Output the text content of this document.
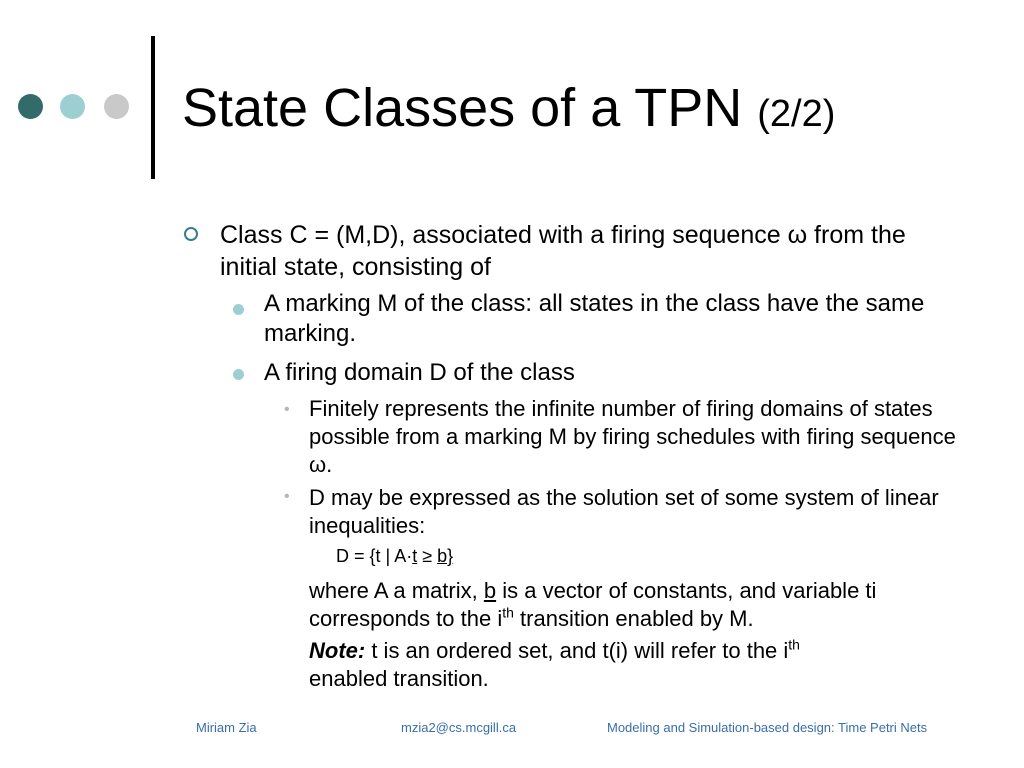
State Classes of a TPN (2/2)
Class C = (M,D), associated with a firing sequence ω from the initial state, consisting of
A marking M of the class: all states in the class have the same marking.
A firing domain D of the class
• Finitely represents the infinite number of firing domains of states possible from a marking M by firing schedules with firing sequence ω.
• D may be expressed as the solution set of some system of linear inequalities:
D = {t | A·t ≥ b}
where A a matrix, b is a vector of constants, and variable ti corresponds to the $i^{th}$ transition enabled by M.
Note: t is an ordered set, and t(i) will refer to the $i^{th}$
enabled transition.
Miriam Zia	mzia2@cs.mcgill.ca	Modeling and Simulation-based design: Time Petri Nets
